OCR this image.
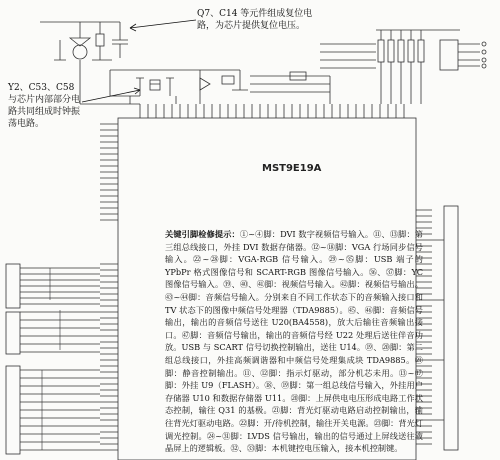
Q7、C14 等元件组成复位电路，为芯片提供复位电压。
Y2、C53、C58 与芯片内部部分电路共同组成时钟振荡电路。
MST9E19A

关键引脚检修提示：①~④脚：DVI 数字视频信号输入。⑪、⑬脚：第三组总线接口，外挂 DVI 数据存储器。⑫~⑱脚：VGA 行场同步信号输入。㉒~㉘脚：VGA-RGB 信号输入。㉙~㉟脚：USB 端子的 YPbPr 格式图像信号和 SCART-RGB 图像信号输入。㊱、㊲脚：YC 图像信号输入。㊴、㊵、㊶脚：视频信号输入。㊷脚：视频信号输出。㊸~㊹脚：音频信号输入。分别来自不同工作状态下的音频输入接口和 TV 状态下的图像中频信号处理器（TDA9885）。㊺、㊻脚：音频信号输出，输出的音频信号送往 U20(BA4558)，放大后输往音频输出接口。㊼脚：音频信号输出，输出的音频信号经 U22 处理后送往伴音功放。USB 与 SCART 信号切换控制输出，送往 U14。⑲、⑳脚：第二组总线接口，外挂高频调谐器和中频信号处理集成块 TDA9885。㉑脚：静音控制输出。⑪、⑫脚：指示灯驱动，部分机芯未用。⑬~⑰脚：外挂 U9（FLASH）。⑱、⑲脚：第一组总线信号输入，外挂用户存储器 U10 和数据存储器 U11。⑳脚：上屏供电电压形成电路工作状态控制，输往 Q31 的基极。㉑脚：背光灯驱动电路启动控制输出，输往背光灯驱动电路。㉒脚：开/待机控制，输往开关电源。㉓脚：背光灯调光控制。㉔~㉛脚：LVDS 信号输出，输出的信号通过上屏线送往液晶屏上的逻辑板。㉜、㉝脚：本机键控电压输入，接本机控制键。
